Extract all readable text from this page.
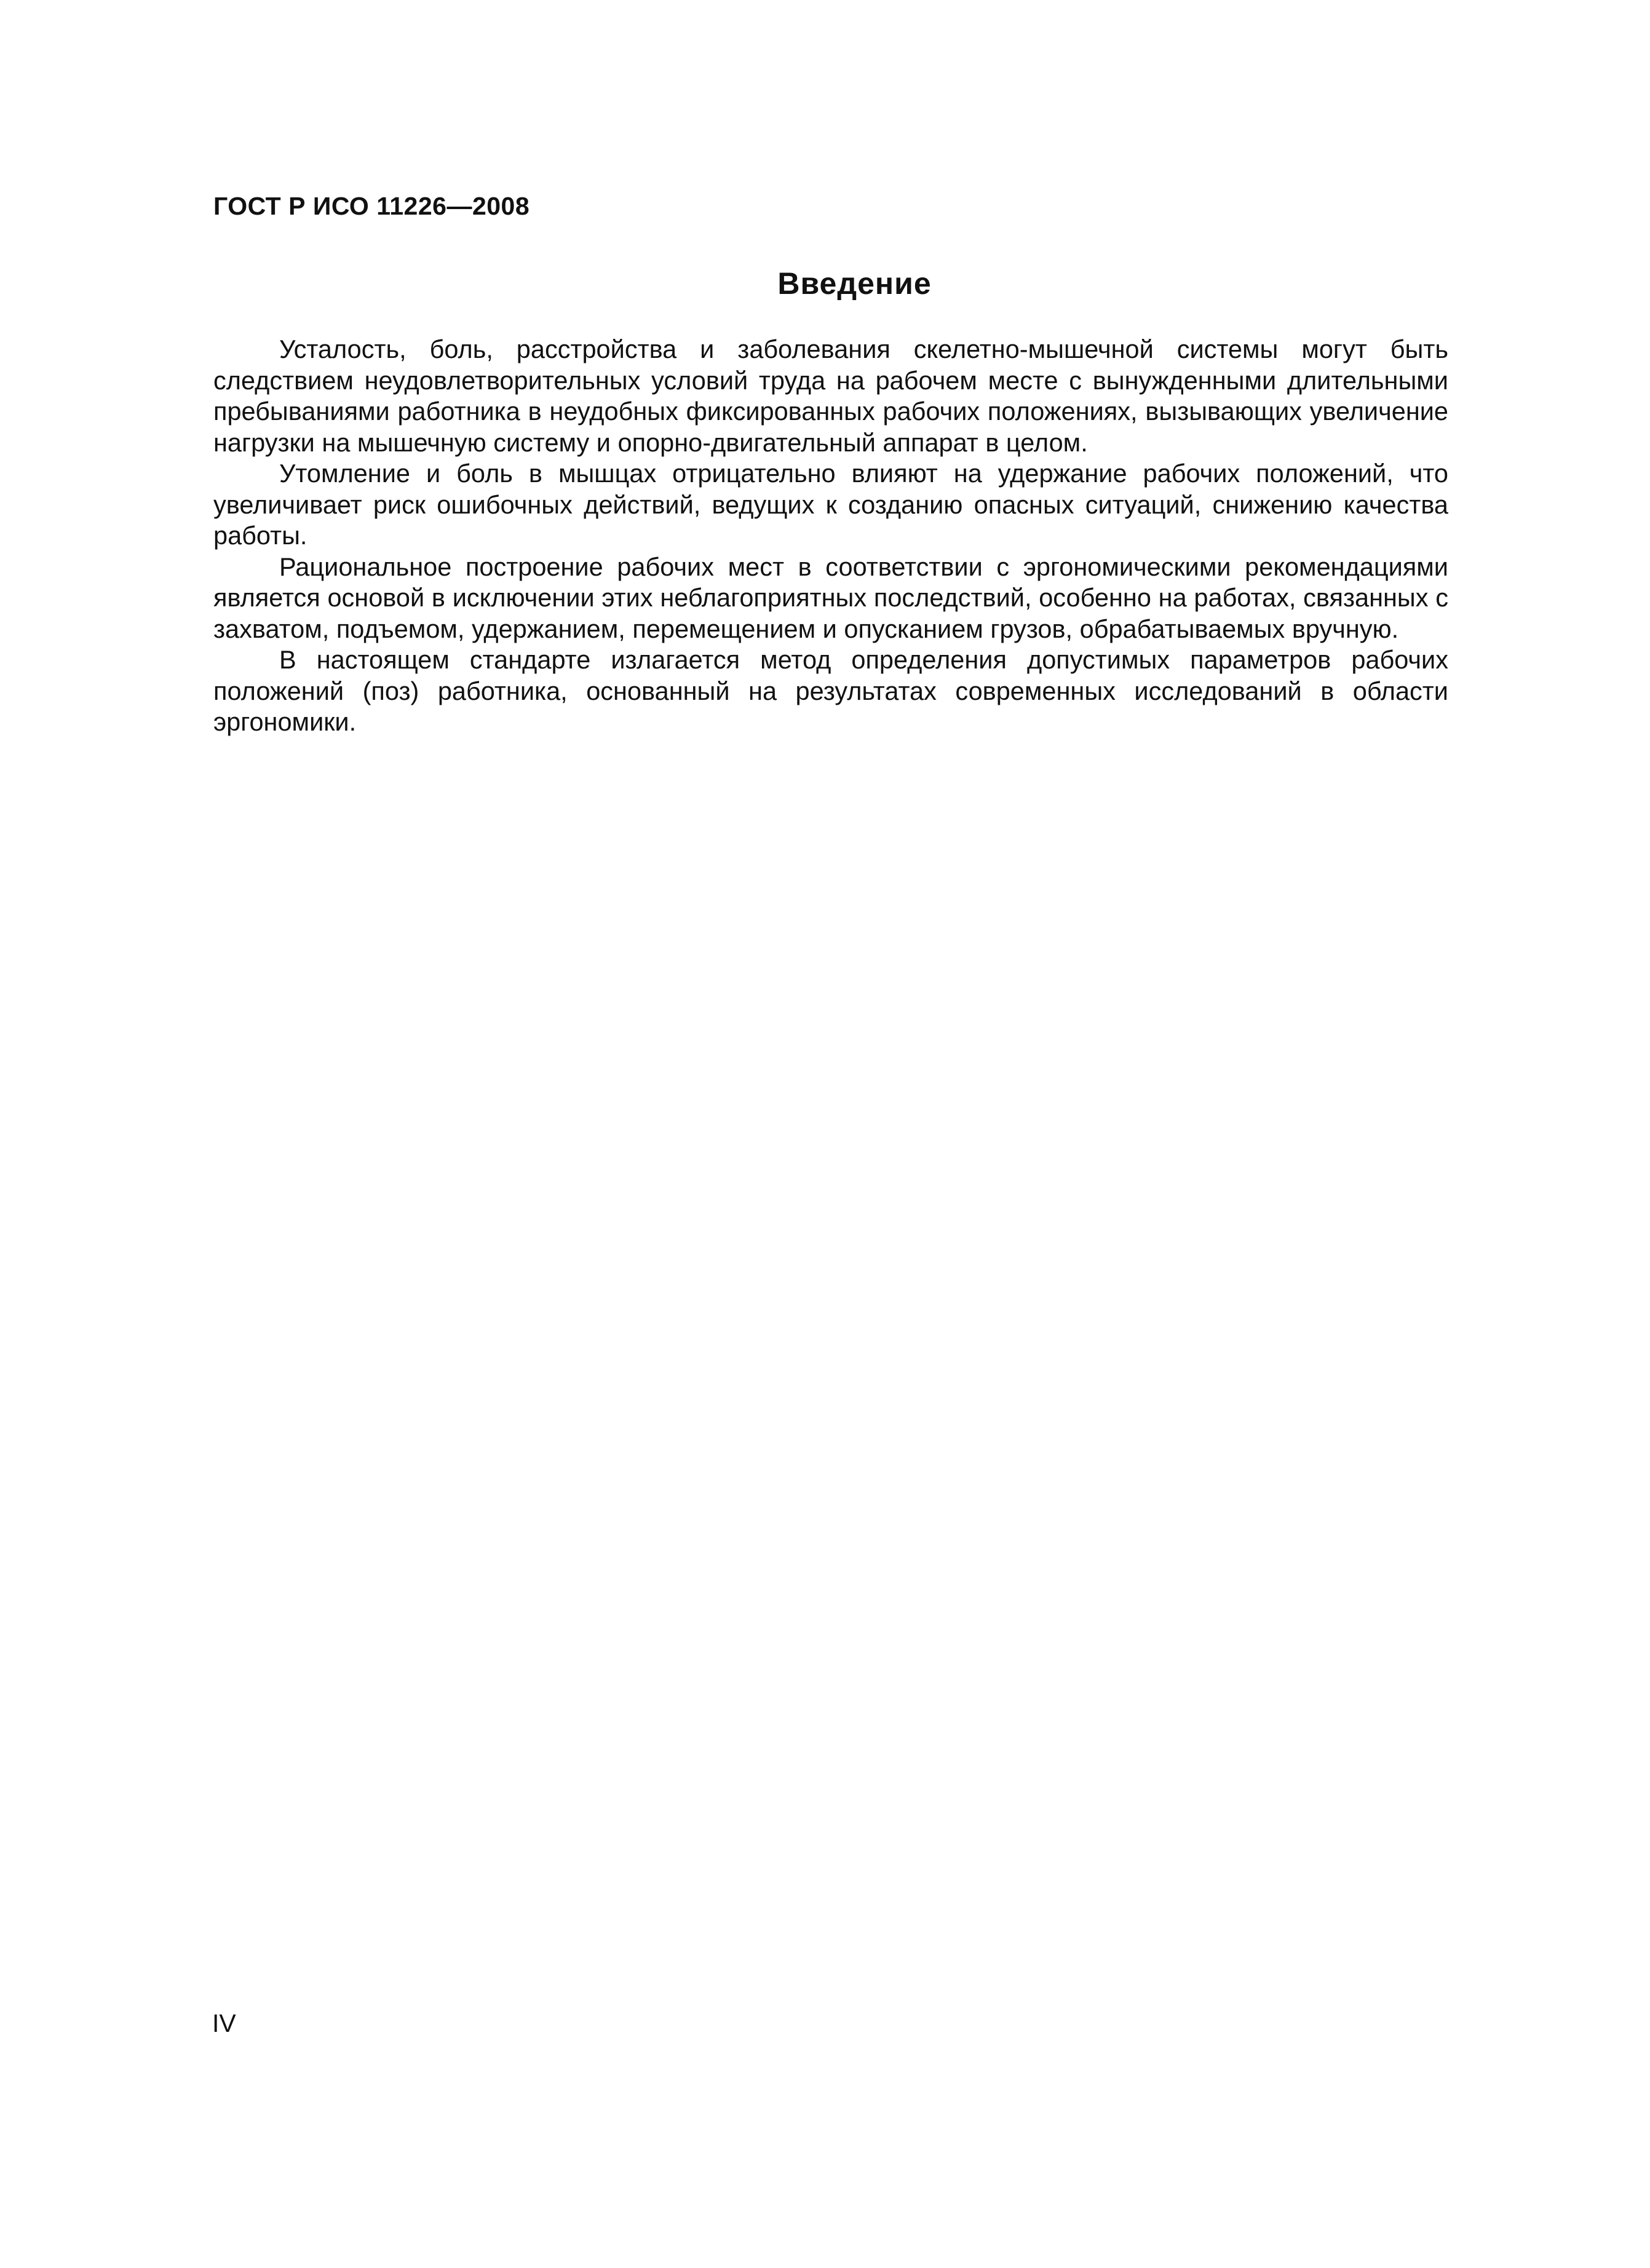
ГОСТ Р ИСО 11226—2008
Введение

Усталость, боль, расстройства и заболевания скелетно-мышечной системы могут быть следствием неудовлетворительных условий труда на рабочем месте с вынужденными длительными пребываниями работника в неудобных фиксированных рабочих положениях, вызывающих увеличение нагрузки на мышечную систему и опорно-двигательный аппарат в целом.

Утомление и боль в мышцах отрицательно влияют на удержание рабочих положений, что увеличивает риск ошибочных действий, ведущих к созданию опасных ситуаций, снижению качества работы.

Рациональное построение рабочих мест в соответствии с эргономическими рекомендациями является основой в исключении этих неблагоприятных последствий, особенно на работах, связанных с захватом, подъемом, удержанием, перемещением и опусканием грузов, обрабатываемых вручную.

В настоящем стандарте излагается метод определения допустимых параметров рабочих положений (поз) работника, основанный на результатах современных исследований в области эргономики.

IV
